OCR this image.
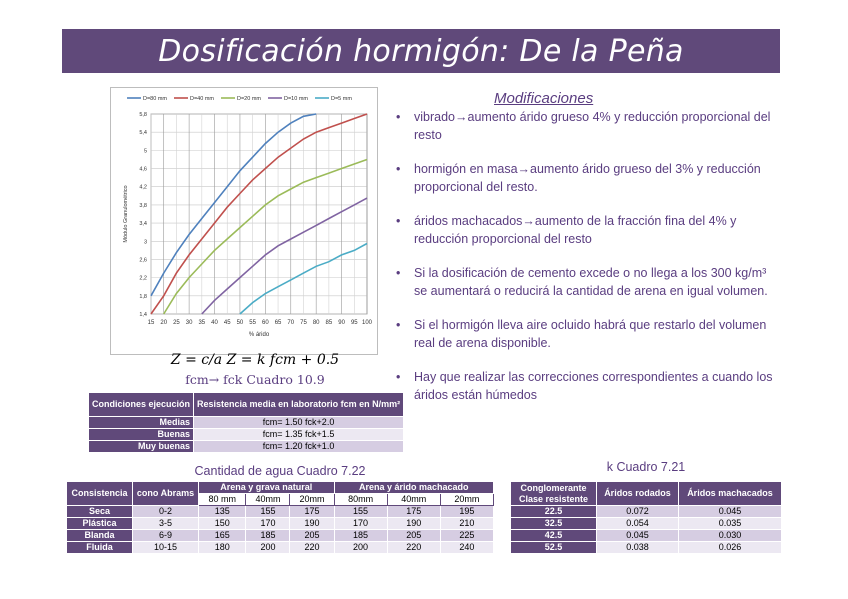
Dosificación hormigón: De la Peña
1,4
1,8
2,2
2,6
3
3,4
3,8
4,2
4,6
5
5,4
5,8
15 20 25 30 35 40 45 50 55 60 65 70 75 80 85 90 95 100
% árido
Módulo Granulométrico
D=80 mm	D=40 mm	D=20 mm	D=10 mm	D=5 mm
Z = c/a Z = k fcm + 0.5
fcm→ fck Cuadro 10.9
Condiciones ejecución	Resistencia media en laboratorio fcm en N/mm²
Medias	fcm= 1.50 fck+2.0
Buenas	fcm= 1.35 fck+1.5
Muy buenas	fcm= 1.20 fck+1.0
Cantidad de agua Cuadro 7.22
Consistencia	cono Abrams	Arena y grava natural			Arena y árido machacado		
		80 mm	40mm	20mm	80mm	40mm	20mm
Seca	0-2	135	155	175	155	175	195
Plástica	3-5	150	170	190	170	190	210
Blanda	6-9	165	185	205	185	205	225
Fluida	10-15	180	200	220	200	220	240
k Cuadro 7.21
Conglomerante Clase resistente	Áridos rodados	Áridos machacados
22.5	0.072	0.045
32.5	0.054	0.035
42.5	0.045	0.030
52.5	0.038	0.026
Modificaciones
• vibrado→aumento árido grueso 4% y reducción proporcional del resto
• hormigón en masa→aumento árido grueso del 3% y reducción proporcional del resto.
• áridos machacados→aumento de la fracción fina del 4% y reducción proporcional del resto
• Si la dosificación de cemento excede o no llega a los 300 kg/m³ se aumentará o reducirá la cantidad de arena en igual volumen.
• Si el hormigón lleva aire ocluido habrá que restarlo del volumen real de arena disponible.
• Hay que realizar las correcciones correspondientes a cuando los áridos están húmedos
